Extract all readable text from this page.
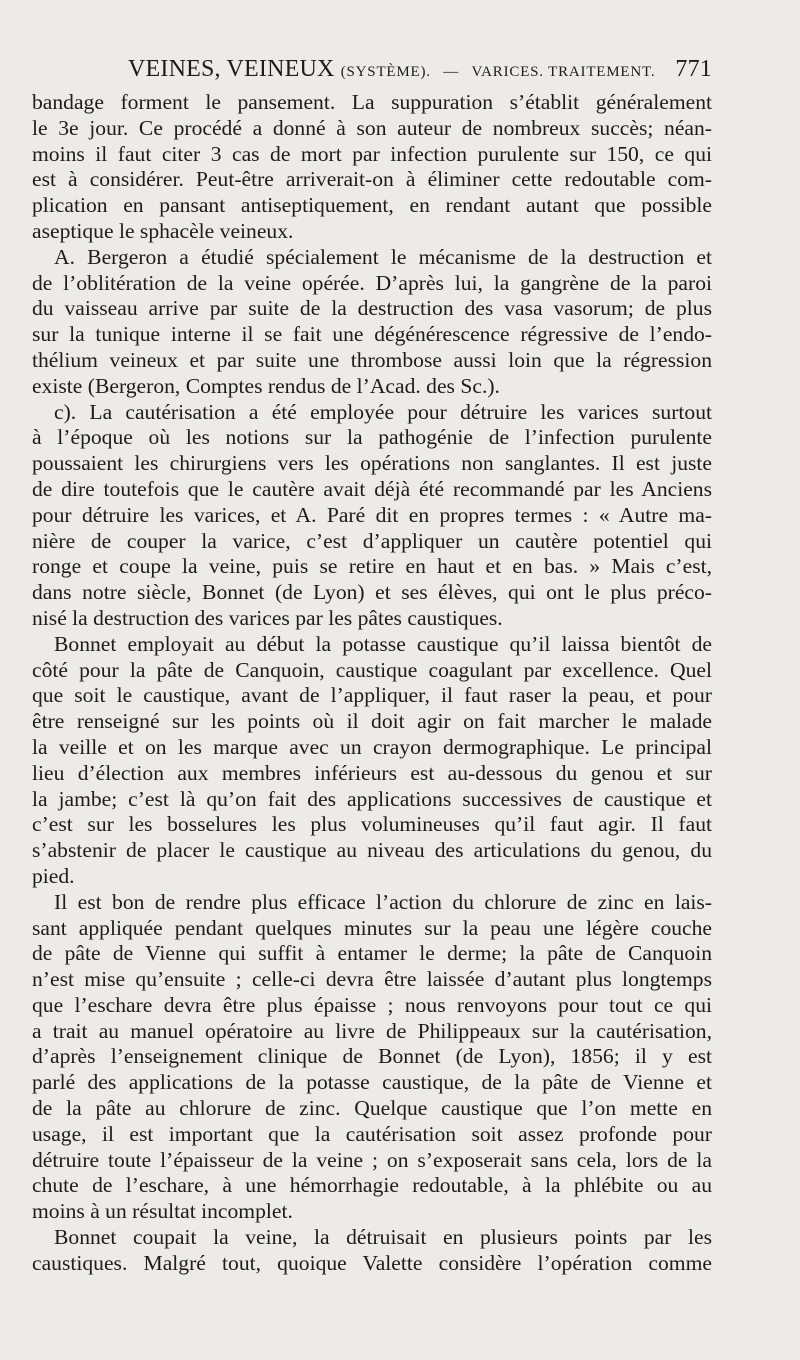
VEINES, VEINEUX (SYSTÈME). — VARICES. TRAITEMENT. 771
bandage forment le pansement. La suppuration s’établit généralement
le 3e jour. Ce procédé a donné à son auteur de nombreux succès; néan-
moins il faut citer 3 cas de mort par infection purulente sur 150, ce qui
est à considérer. Peut-être arriverait-on à éliminer cette redoutable com-
plication en pansant antiseptiquement, en rendant autant que possible
aseptique le sphacèle veineux.
A. Bergeron a étudié spécialement le mécanisme de la destruction et
de l’oblitération de la veine opérée. D’après lui, la gangrène de la paroi
du vaisseau arrive par suite de la destruction des vasa vasorum; de plus
sur la tunique interne il se fait une dégénérescence régressive de l’endo-
thélium veineux et par suite une thrombose aussi loin que la régression
existe (Bergeron, Comptes rendus de l’Acad. des Sc.).
c). La cautérisation a été employée pour détruire les varices surtout
à l’époque où les notions sur la pathogénie de l’infection purulente
poussaient les chirurgiens vers les opérations non sanglantes. Il est juste
de dire toutefois que le cautère avait déjà été recommandé par les Anciens
pour détruire les varices, et A. Paré dit en propres termes : « Autre ma-
nière de couper la varice, c’est d’appliquer un cautère potentiel qui
ronge et coupe la veine, puis se retire en haut et en bas. » Mais c’est,
dans notre siècle, Bonnet (de Lyon) et ses élèves, qui ont le plus préco-
nisé la destruction des varices par les pâtes caustiques.
Bonnet employait au début la potasse caustique qu’il laissa bientôt de
côté pour la pâte de Canquoin, caustique coagulant par excellence. Quel
que soit le caustique, avant de l’appliquer, il faut raser la peau, et pour
être renseigné sur les points où il doit agir on fait marcher le malade
la veille et on les marque avec un crayon dermographique. Le principal
lieu d’élection aux membres inférieurs est au-dessous du genou et sur
la jambe; c’est là qu’on fait des applications successives de caustique et
c’est sur les bosselures les plus volumineuses qu’il faut agir. Il faut
s’abstenir de placer le caustique au niveau des articulations du genou, du
pied.
Il est bon de rendre plus efficace l’action du chlorure de zinc en lais-
sant appliquée pendant quelques minutes sur la peau une légère couche
de pâte de Vienne qui suffit à entamer le derme; la pâte de Canquoin
n’est mise qu’ensuite ; celle-ci devra être laissée d’autant plus longtemps
que l’eschare devra être plus épaisse ; nous renvoyons pour tout ce qui
a trait au manuel opératoire au livre de Philippeaux sur la cautérisation,
d’après l’enseignement clinique de Bonnet (de Lyon), 1856; il y est
parlé des applications de la potasse caustique, de la pâte de Vienne et
de la pâte au chlorure de zinc. Quelque caustique que l’on mette en
usage, il est important que la cautérisation soit assez profonde pour
détruire toute l’épaisseur de la veine ; on s’exposerait sans cela, lors de la
chute de l’eschare, à une hémorrhagie redoutable, à la phlébite ou au
moins à un résultat incomplet.
Bonnet coupait la veine, la détruisait en plusieurs points par les
caustiques. Malgré tout, quoique Valette considère l’opération comme
